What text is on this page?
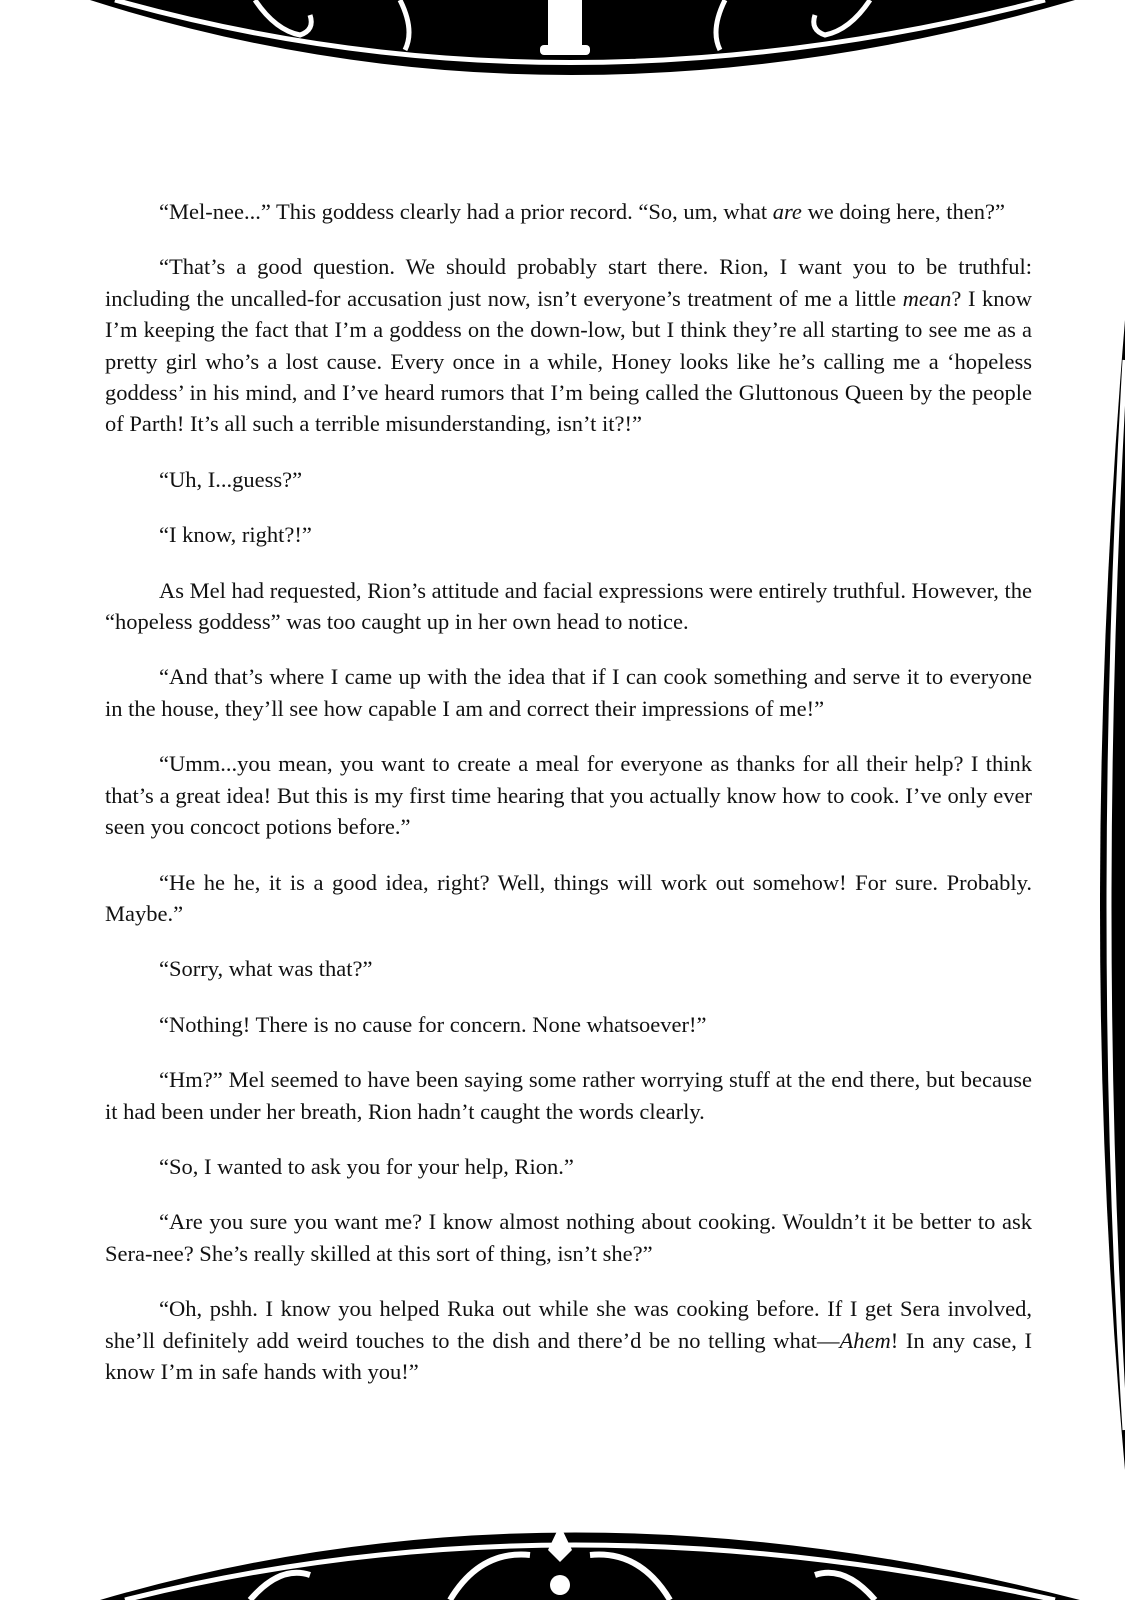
“Mel-nee...” This goddess clearly had a prior record. “So, um, what are we doing here, then?”

“That’s a good question. We should probably start there. Rion, I want you to be truthful: including the uncalled-for accusation just now, isn’t everyone’s treatment of me a little mean? I know I’m keeping the fact that I’m a goddess on the down-low, but I think they’re all starting to see me as a pretty girl who’s a lost cause. Every once in a while, Honey looks like he’s calling me a ‘hopeless goddess’ in his mind, and I’ve heard rumors that I’m being called the Gluttonous Queen by the people of Parth! It’s all such a terrible misunderstanding, isn’t it?!”

“Uh, I...guess?”

“I know, right?!”

As Mel had requested, Rion’s attitude and facial expressions were entirely truthful. However, the “hopeless goddess” was too caught up in her own head to notice.

“And that’s where I came up with the idea that if I can cook something and serve it to everyone in the house, they’ll see how capable I am and correct their impressions of me!”

“Umm...you mean, you want to create a meal for everyone as thanks for all their help? I think that’s a great idea! But this is my first time hearing that you actually know how to cook. I’ve only ever seen you concoct potions before.”

“He he he, it is a good idea, right? Well, things will work out somehow! For sure. Probably. Maybe.”

“Sorry, what was that?”

“Nothing! There is no cause for concern. None whatsoever!”

“Hm?” Mel seemed to have been saying some rather worrying stuff at the end there, but because it had been under her breath, Rion hadn’t caught the words clearly.

“So, I wanted to ask you for your help, Rion.”

“Are you sure you want me? I know almost nothing about cooking. Wouldn’t it be better to ask Sera-nee? She’s really skilled at this sort of thing, isn’t she?”

“Oh, pshh. I know you helped Ruka out while she was cooking before. If I get Sera involved, she’ll definitely add weird touches to the dish and there’d be no telling what—Ahem! In any case, I know I’m in safe hands with you!”
